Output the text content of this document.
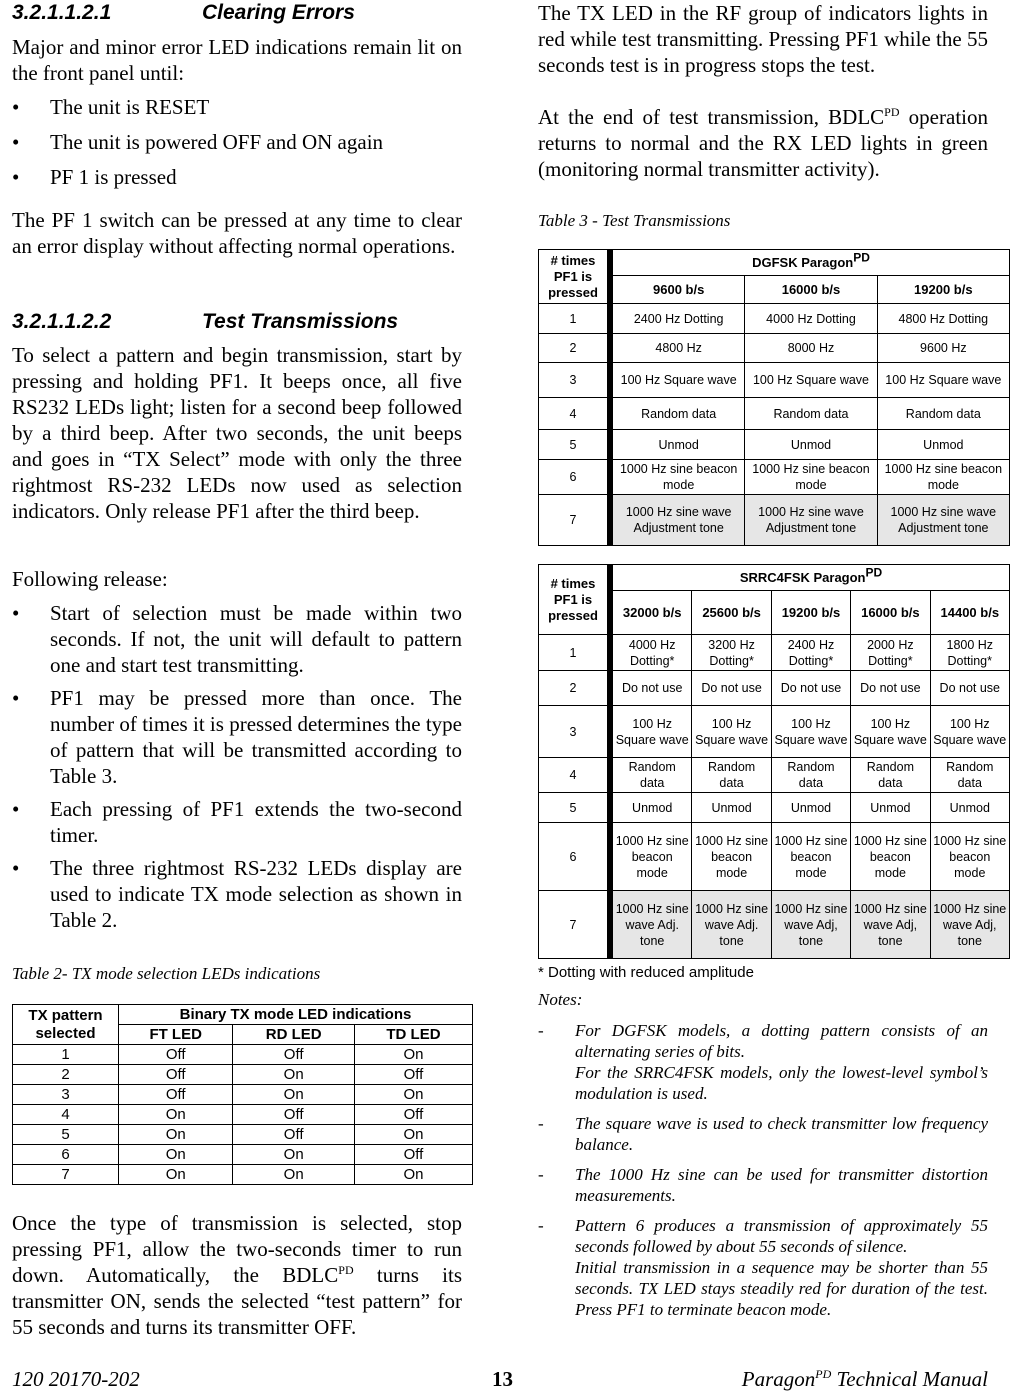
3.2.1.1.2.1	Clearing Errors

Major and minor error LED indications remain lit on the front panel until:

• The unit is RESET
• The unit is powered OFF and ON again
• PF 1 is pressed

The PF 1 switch can be pressed at any time to clear an error display without affecting normal operations.

3.2.1.1.2.2	Test Transmissions

To select a pattern and begin transmission, start by pressing and holding PF1. It beeps once, all five RS232 LEDs light; listen for a second beep followed by a third beep. After two seconds, the unit beeps and goes in “TX Select” mode with only the three rightmost RS-232 LEDs now used as selection indicators. Only release PF1 after the third beep.

Following release:

• Start of selection must be made within two seconds. If not, the unit will default to pattern one and start test transmitting.
• PF1 may be pressed more than once. The number of times it is pressed determines the type of pattern that will be transmitted according to Table 3.
• Each pressing of PF1 extends the two-second timer.
• The three rightmost RS-232 LEDs display are used to indicate TX mode selection as shown in Table 2.
Table 2- TX mode selection LEDs indications
TX pattern selected	Binary TX mode LED indications		
	FT LED	RD LED	TD LED
1	Off	Off	On
2	Off	On	Off
3	Off	On	On
4	On	Off	Off
5	On	Off	On
6	On	On	Off
7	On	On	On

Once the type of transmission is selected, stop pressing PF1, allow the two-seconds timer to run down. Automatically, the $BDLC^{PD}$ turns its transmitter ON, sends the selected “test pattern” for 55 seconds and turns its transmitter OFF.

The TX LED in the RF group of indicators lights in red while test transmitting. Pressing PF1 while the 55 seconds test is in progress stops the test.

At the end of test transmission, $BDLC^{PD}$ operation returns to normal and the RX LED lights in green (monitoring normal transmitter activity).

Table 3 - Test Transmissions
# times PF1 is pressed	DGFSK Paragon$^{PD}$
	9600 b/s	16000 b/s	19200 b/s
1	2400 Hz Dotting	4000 Hz Dotting	4800 Hz Dotting
2	4800 Hz	8000 Hz	9600 Hz
3	100 Hz Square wave	100 Hz Square wave	100 Hz Square wave
4	Random data	Random data	Random data
5	Unmod	Unmod	Unmod
6	1000 Hz sine beacon mode	1000 Hz sine beacon mode	1000 Hz sine beacon mode
7	1000 Hz sine wave Adjustment tone	1000 Hz sine wave Adjustment tone	1000 Hz sine wave Adjustment tone
# times PF1 is pressed	SRRC4FSK Paragon$^{PD}$
	32000 b/s	25600 b/s	19200 b/s	16000 b/s	14400 b/s
1	4000 Hz Dotting*	3200 Hz Dotting*	2400 Hz Dotting*	2000 Hz Dotting*	1800 Hz Dotting*
2	Do not use	Do not use	Do not use	Do not use	Do not use
3	100 Hz Square wave	100 Hz Square wave	100 Hz Square wave	100 Hz Square wave	100 Hz Square wave
4	Random data	Random data	Random data	Random data	Random data
5	Unmod	Unmod	Unmod	Unmod	Unmod
6	1000 Hz sine beacon mode	1000 Hz sine beacon mode	1000 Hz sine beacon mode	1000 Hz sine beacon mode	1000 Hz sine beacon mode
7	1000 Hz sine wave Adj. tone	1000 Hz sine wave Adj. tone	1000 Hz sine wave Adj, tone	1000 Hz sine wave Adj, tone	1000 Hz sine wave Adj, tone
* Dotting with reduced amplitude
Notes:
- For DGFSK models, a dotting pattern consists of an alternating series of bits.
For the SRRC4FSK models, only the lowest-level symbol’s modulation is used.
- The square wave is used to check transmitter low frequency balance.
- The 1000 Hz sine can be used for transmitter distortion measurements.
- Pattern 6 produces a transmission of approximately 55 seconds followed by about 55 seconds of silence.
Initial transmission in a sequence may be shorter than 55 seconds. TX LED stays steadily red for duration of the test. Press PF1 to terminate beacon mode.
120 20170-202	13	Paragon$^{PD}$ Technical Manual
